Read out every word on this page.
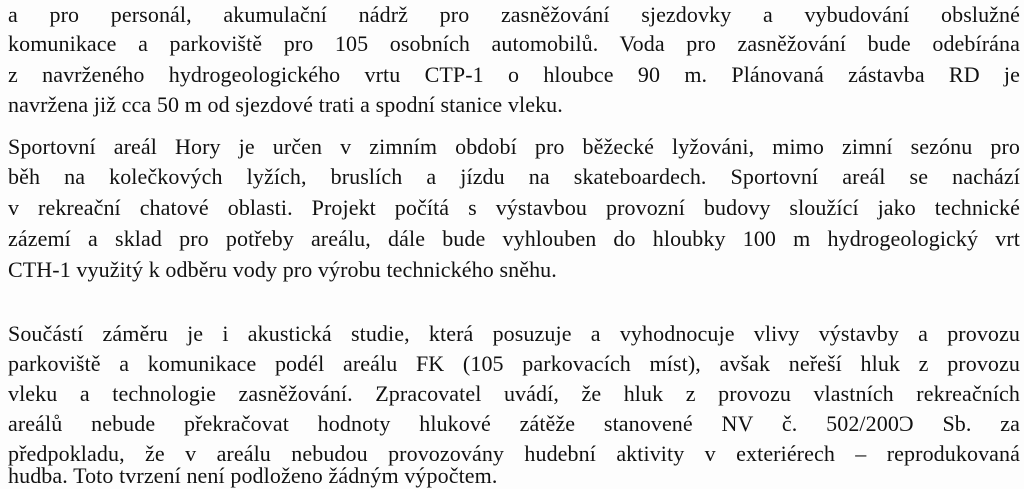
a pro personál, akumulační nádrž pro zasněžování sjezdovky a vybudování obslužné
komunikace a parkoviště pro 105 osobních automobilů. Voda pro zasněžování bude odebírána
z navrženého hydrogeologického vrtu CTP-1 o hloubce 90 m. Plánovaná zástavba RD je
navržena již cca 50 m od sjezdové trati a spodní stanice vleku.
Sportovní areál Hory je určen v zimním období pro běžecké lyžováni, mimo zimní sezónu pro
běh na kolečkových lyžích, bruslích a jízdu na skateboardech. Sportovní areál se nachází
v rekreační chatové oblasti. Projekt počítá s výstavbou provozní budovy sloužící jako technické
zázemí a sklad pro potřeby areálu, dále bude vyhlouben do hloubky 100 m hydrogeologický vrt
CTH-1 využitý k odběru vody pro výrobu technického sněhu.
Součástí záměru je i akustická studie, která posuzuje a vyhodnocuje vlivy výstavby a provozu
parkoviště a komunikace podél areálu FK (105 parkovacích míst), avšak neřeší hluk z provozu
vleku a technologie zasněžování. Zpracovatel uvádí, že hluk z provozu vlastních rekreačních
areálů nebude překračovat hodnoty hlukové zátěže stanovené NV č. 502/200Ɔ Sb. za
předpokladu, že v areálu nebudou provozovány hudební aktivity v exteriérech – reprodukovaná
hudba. Toto tvrzení není podloženo žádným výpočtem.
